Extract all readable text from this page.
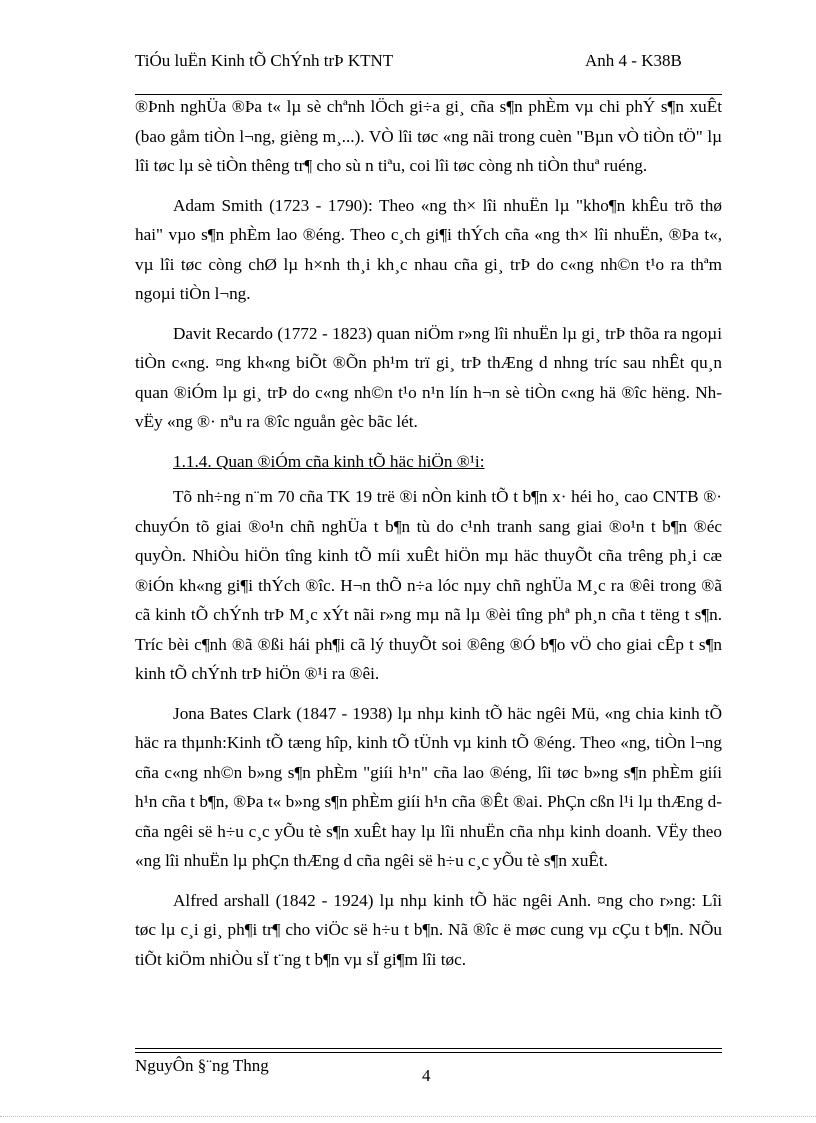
TiÓu luËn Kinh tÕ ChÝnh trÞ KTNT	Anh 4 - K38B

®Þnh nghÜa ®Þa t« lµ sè chªnh lÖch gi÷a gi¸ cña s¶n phÈm vµ chi phÝ s¶n xuÊt (bao gåm tiÒn l¬ng, gièng m¸...). VÒ lîi tøc «ng nãi trong cuèn "Bµn vÒ tiÒn tÖ" lµ lîi tøc lµ sè tiÒn thêng tr¶ cho sù n tiªu, coi lîi tøc còng nh tiÒn thuª ruéng.

Adam Smith (1723 - 1790): Theo «ng th× lîi nhuËn lµ "kho¶n khÊu trõ thø hai" vµo s¶n phÈm lao ®éng. Theo c¸ch gi¶i thÝch cña «ng th× lîi nhuËn, ®Þa t«, vµ lîi tøc còng chØ lµ h×nh th¸i kh¸c nhau cña gi¸ trÞ do c«ng nh©n t¹o ra thªm ngoµi tiÒn l¬ng.

Davit Recardo (1772 - 1823) quan niÖm r»ng lîi nhuËn lµ gi¸ trÞ thõa ra ngoµi tiÒn c«ng. ¤ng kh«ng biÕt ®Õn ph¹m trï gi¸ trÞ thÆng d nhng tríc sau nhÊt qu¸n quan ®iÓm lµ gi¸ trÞ do c«ng nh©n t¹o n¹n lín h¬n sè tiÒn c«ng hä ®îc hëng. Nh vËy «ng ®· nªu ra ®îc nguån gèc bãc lét.

1.1.4. Quan ®iÓm cña kinh tÕ häc hiÖn ®¹i:

Tõ nh÷ng n¨m 70 cña TK 19 trë ®i nÒn kinh tÕ t b¶n x· héi ho¸ cao CNTB ®· chuyÓn tõ giai ®o¹n chñ nghÜa t b¶n tù do c¹nh tranh sang giai ®o¹n t b¶n ®éc quyÒn. NhiÒu hiÖn tîng kinh tÕ míi xuÊt hiÖn mµ häc thuyÕt cña trêng ph¸i cæ ®iÓn kh«ng gi¶i thÝch ®îc. H¬n thÕ n÷a lóc nµy chñ nghÜa M¸c ra ®êi trong ®ã cã kinh tÕ chÝnh trÞ M¸c xÝt nãi r»ng mµ nã lµ ®èi tîng phª ph¸n cña t tëng t s¶n. Tríc bèi c¶nh ®ã ®ßi hái ph¶i cã lý thuyÕt soi ®êng ®Ó b¶o vÖ cho giai cÊp t s¶n kinh tÕ chÝnh trÞ hiÖn ®¹i ra ®êi.

Jona Bates Clark (1847 - 1938) lµ nhµ kinh tÕ häc ngêi Mü, «ng chia kinh tÕ häc ra thµnh:Kinh tÕ tæng hîp, kinh tÕ tÜnh vµ kinh tÕ ®éng. Theo «ng, tiÒn l¬ng cña c«ng nh©n b»ng s¶n phÈm "giíi h¹n" cña lao ®éng, lîi tøc b»ng s¶n phÈm giíi h¹n cña t b¶n, ®Þa t« b»ng s¶n phÈm giíi h¹n cña ®Êt ®ai. PhÇn cßn l¹i lµ thÆng d cña ngêi së h÷u c¸c yÕu tè s¶n xuÊt hay lµ lîi nhuËn cña nhµ kinh doanh. VËy theo «ng lîi nhuËn lµ phÇn thÆng d cña ngêi së h÷u c¸c yÕu tè s¶n xuÊt.

Alfred arshall (1842 - 1924) lµ nhµ kinh tÕ häc ngêi Anh. ¤ng cho r»ng: Lîi tøc lµ c¸i gi¸ ph¶i tr¶ cho viÖc së h÷u t b¶n. Nã ®îc ë møc cung vµ cÇu t b¶n. NÕu tiÕt kiÖm nhiÒu sÏ t¨ng t b¶n vµ sÏ gi¶m lîi tøc.

NguyÔn §¨ng Thng
4
